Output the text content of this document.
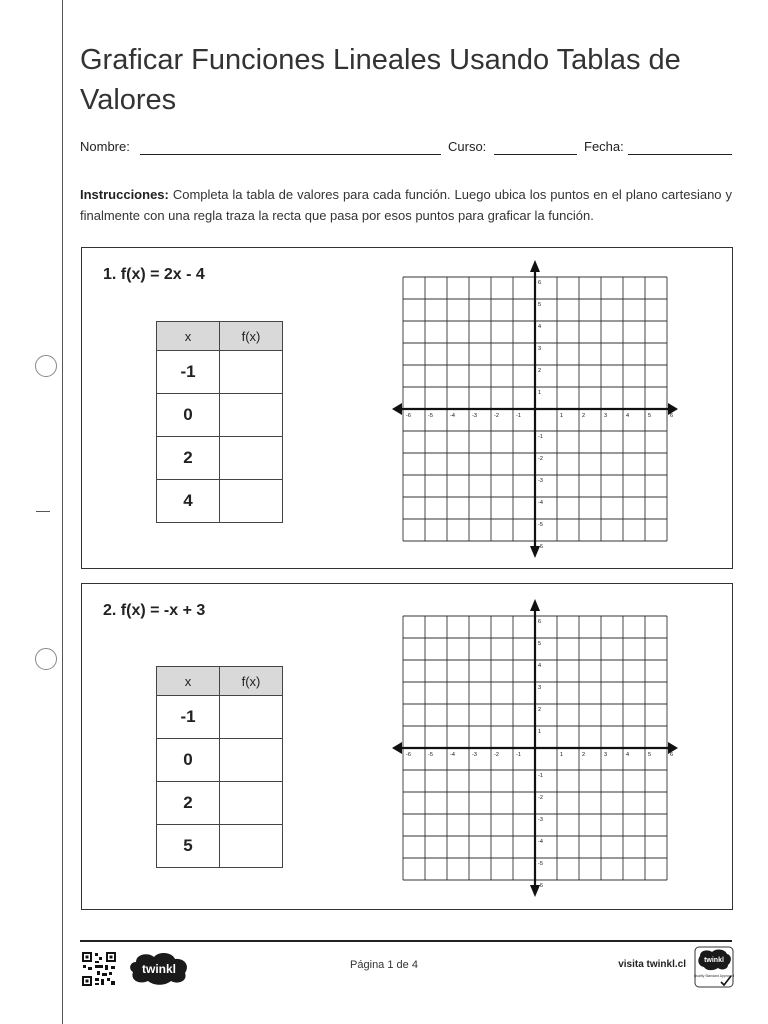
Graficar Funciones Lineales Usando Tablas de Valores
Nombre:	Curso:	Fecha:

Instrucciones: Completa la tabla de valores para cada función. Luego ubica los puntos en el plano cartesiano y finalmente con una regla traza la recta que pasa por esos puntos para graficar la función.

1. f(x) = 2x - 4
x	f(x)
-1	
0	
2	
4	
-6	-5	-4	-3	-2	-1	1	2	3	4	5	6
6
5
4
3
2
1
-1
-2
-3
-4
-5
-6
2. f(x) = -x + 3
x	f(x)
-1	
0	
2	
5	
-6	-5	-4	-3	-2	-1	1	2	3	4	5	6
6
5
4
3
2
1
-1
-2
-3
-4
-5
-6
twinkl	Página 1 de 4	visita twinkl.cl	twinkl
Quality Standard Approved
